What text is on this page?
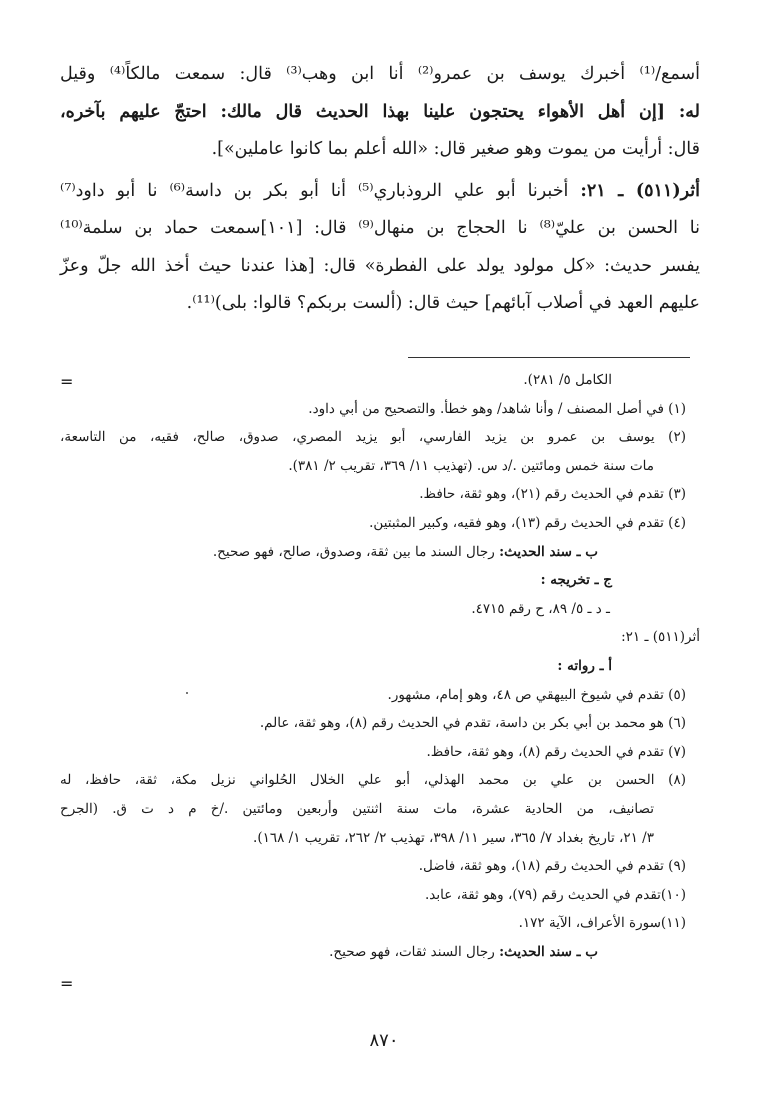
أسمع/⁽¹⁾ أخبرك يوسف بن عمرو⁽²⁾ أنا ابن وهب⁽³⁾ قال: سمعت مالكاً⁽⁴⁾ وقيل

له: [إن أهل الأهواء يحتجون علينا بهذا الحديث قال مالك: احتجّ عليهم بآخره،

قال: أرأيت من يموت وهو صغير قال: «الله أعلم بما كانوا عاملين»].

أثر(٥١١) ـ ٢١: أخبرنا أبو علي الروذباري⁽⁵⁾ أنا أبو بكر بن داسة⁽⁶⁾ نا أبو داود⁽⁷⁾

نا الحسن بن عليّ⁽⁸⁾ نا الحجاج بن منهال⁽⁹⁾ قال: [١٠١]سمعت حماد بن سلمة⁽¹⁰⁾

يفسر حديث: «كل مولود يولد على الفطرة» قال: [هذا عندنا حيث أخذ الله جلّ وعزّ

عليهم العهد في أصلاب آبائهم] حيث قال: (ألست بربكم؟ قالوا: بلى)⁽¹¹⁾.

=	الكامل ٥/ ٢٨١).
(١) في أصل المصنف / وأنا شاهد/ وهو خطأ. والتصحيح من أبي داود.
(٢) يوسف بن عمرو بن يزيد الفارسي، أبو يزيد المصري، صدوق، صالح، فقيه، من التاسعة،
مات سنة خمس ومائتين ./د س. (تهذيب ١١/ ٣٦٩، تقريب ٢/ ٣٨١).
(٣) تقدم في الحديث رقم (٢١)، وهو ثقة، حافظ.
(٤) تقدم في الحديث رقم (١٣)، وهو فقيه، وكبير المثبتين.
ب ـ سند الحديث: رجال السند ما بين ثقة، وصدوق، صالح، فهو صحيح.
ج ـ تخريجه :
ـ د ـ ٥/ ٨٩، ح رقم ٤٧١٥.
أثر(٥١١) ـ ٢١:
أ ـ رواته :
(٥) تقدم في شيوخ البيهقي ص ٤٨، وهو إمام، مشهور.
(٦) هو محمد بن أبي بكر بن داسة، تقدم في الحديث رقم (٨)، وهو ثقة، عالم.
(٧) تقدم في الحديث رقم (٨)، وهو ثقة، حافظ.
(٨) الحسن بن علي بن محمد الهذلي، أبو علي الخلال الحُلواني نزيل مكة، ثقة، حافظ، له
تصانيف، من الحادية عشرة، مات سنة اثنتين وأربعين ومائتين ./خ م د ت ق. (الجرح
٣/ ٢١، تاريخ بغداد ٧/ ٣٦٥، سير ١١/ ٣٩٨، تهذيب ٢/ ٢٦٢، تقريب ١/ ١٦٨).
(٩) تقدم في الحديث رقم (١٨)، وهو ثقة، فاضل.
(١٠)تقدم في الحديث رقم (٧٩)، وهو ثقة، عابد.
(١١)سورة الأعراف، الآية ١٧٢.
ب ـ سند الحديث: رجال السند ثقات، فهو صحيح.
=
٨٧٠
